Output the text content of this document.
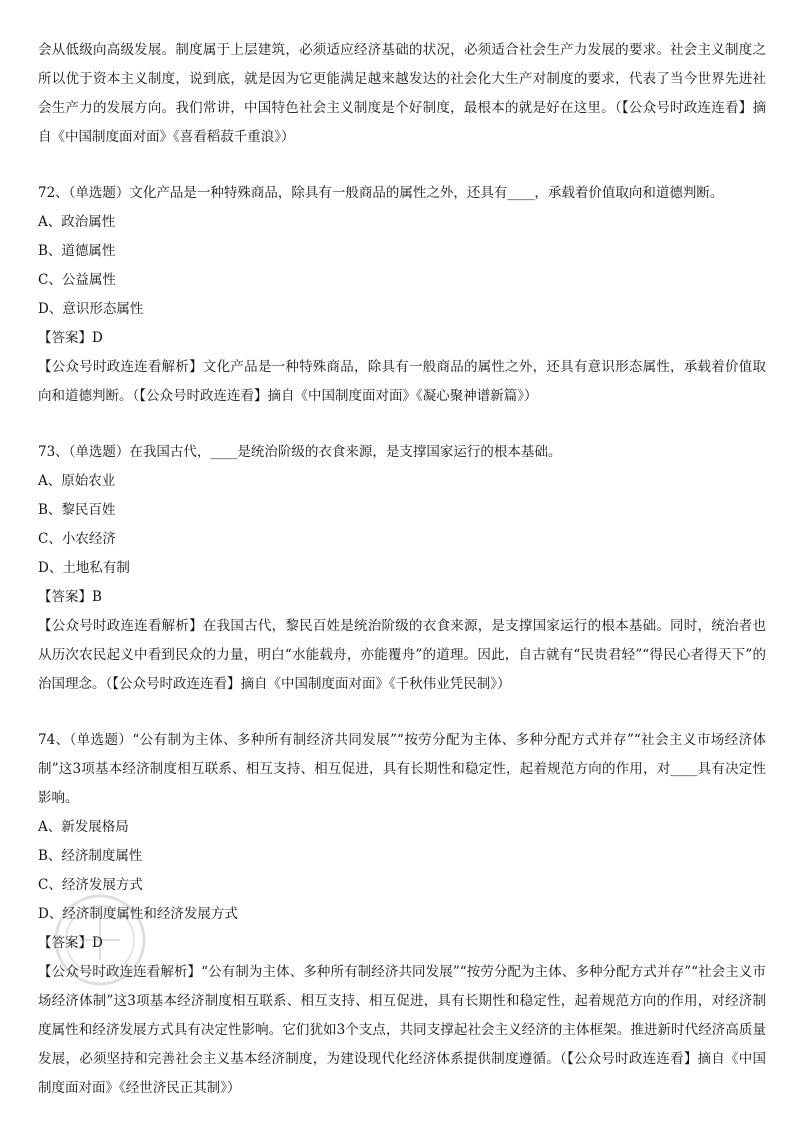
会从低级向高级发展。制度属于上层建筑，必须适应经济基础的状况，必须适合社会生产力发展的要求。社会主义制度之所以优于资本主义制度，说到底，就是因为它更能满足越来越发达的社会化大生产对制度的要求，代表了当今世界先进社会生产力的发展方向。我们常讲，中国特色社会主义制度是个好制度，最根本的就是好在这里。（【公众号时政连连看】摘自《中国制度面对面》《喜看稻菽千重浪》）

72、（单选题）文化产品是一种特殊商品，除具有一般商品的属性之外，还具有____，承载着价值取向和道德判断。

A、政治属性

B、道德属性

C、公益属性

D、意识形态属性

【答案】D

【公众号时政连连看解析】文化产品是一种特殊商品，除具有一般商品的属性之外，还具有意识形态属性，承载着价值取向和道德判断。（【公众号时政连连看】摘自《中国制度面对面》《凝心聚神谱新篇》）

73、（单选题）在我国古代，____是统治阶级的衣食来源，是支撑国家运行的根本基础。

A、原始农业

B、黎民百姓

C、小农经济

D、土地私有制

【答案】B

【公众号时政连连看解析】在我国古代，黎民百姓是统治阶级的衣食来源，是支撑国家运行的根本基础。同时，统治者也从历次农民起义中看到民众的力量，明白“水能载舟，亦能覆舟”的道理。因此，自古就有“民贵君轻”“得民心者得天下”的治国理念。（【公众号时政连连看】摘自《中国制度面对面》《千秋伟业凭民制》）

74、（单选题）“公有制为主体、多种所有制经济共同发展”“按劳分配为主体、多种分配方式并存”“社会主义市场经济体制”这3项基本经济制度相互联系、相互支持、相互促进，具有长期性和稳定性，起着规范方向的作用，对____具有决定性影响。

A、新发展格局

B、经济制度属性

C、经济发展方式

D、经济制度属性和经济发展方式

【答案】D

【公众号时政连连看解析】“公有制为主体、多种所有制经济共同发展”“按劳分配为主体、多种分配方式并存”“社会主义市场经济体制”这3项基本经济制度相互联系、相互支持、相互促进，具有长期性和稳定性，起着规范方向的作用，对经济制度属性和经济发展方式具有决定性影响。它们犹如3个支点，共同支撑起社会主义经济的主体框架。推进新时代经济高质量发展，必须坚持和完善社会主义基本经济制度，为建设现代化经济体系提供制度遵循。（【公众号时政连连看】摘自《中国制度面对面》《经世济民正其制》）
